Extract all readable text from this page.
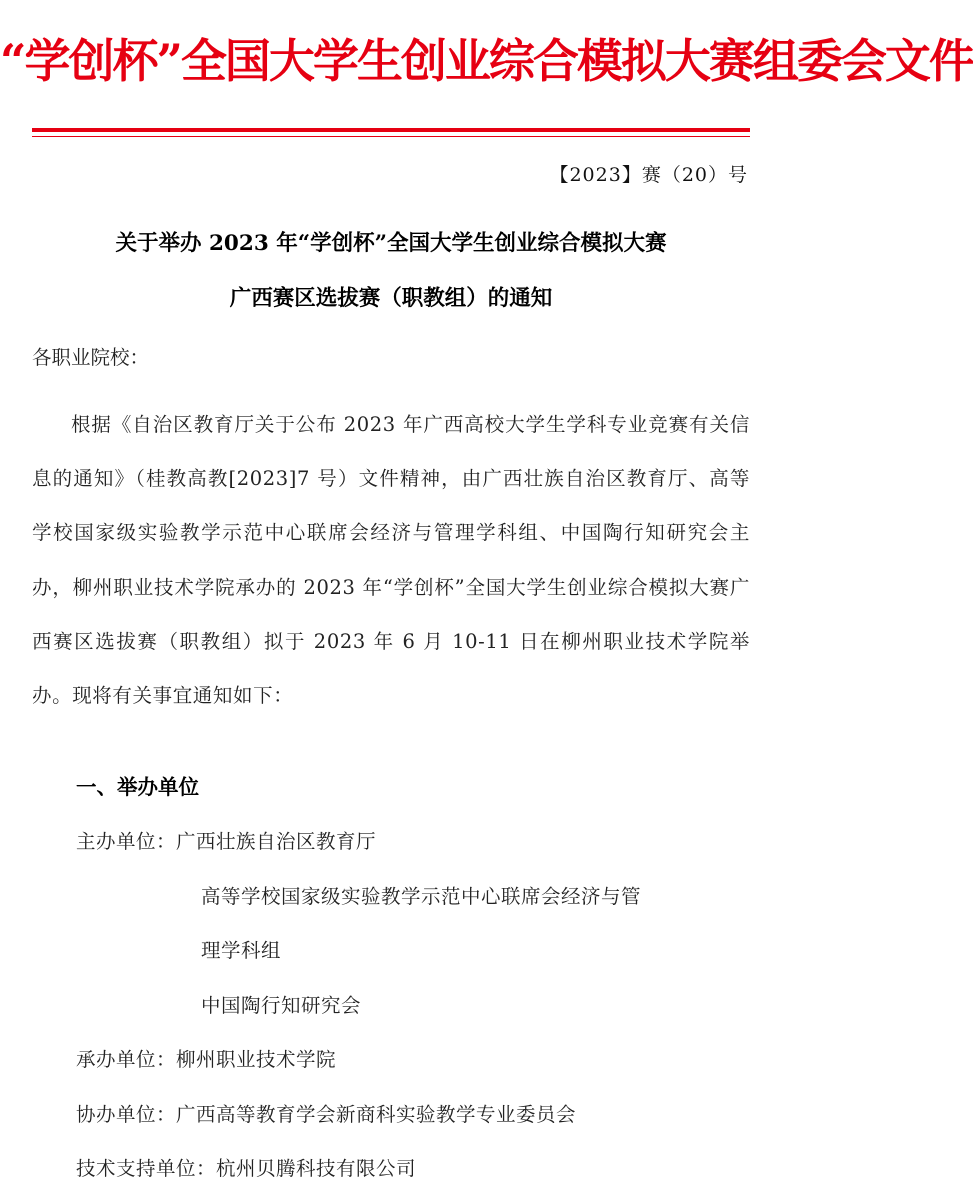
“学创杯”全国大学生创业综合模拟大赛组委会文件
【2023】赛（20）号
关于举办 2023 年“学创杯”全国大学生创业综合模拟大赛
广西赛区选拔赛（职教组）的通知
各职业院校：
根据《自治区教育厅关于公布 2023 年广西高校大学生学科专业竞赛有关信息的通知》（桂教高教[2023]7 号）文件精神，由广西壮族自治区教育厅、高等学校国家级实验教学示范中心联席会经济与管理学科组、中国陶行知研究会主办，柳州职业技术学院承办的 2023 年“学创杯”全国大学生创业综合模拟大赛广西赛区选拔赛（职教组）拟于 2023 年 6 月 10-11 日在柳州职业技术学院举办。现将有关事宜通知如下：
一、举办单位
主办单位：广西壮族自治区教育厅
高等学校国家级实验教学示范中心联席会经济与管
理学科组
中国陶行知研究会
承办单位：柳州职业技术学院
协办单位：广西高等教育学会新商科实验教学专业委员会
技术支持单位：杭州贝腾科技有限公司
